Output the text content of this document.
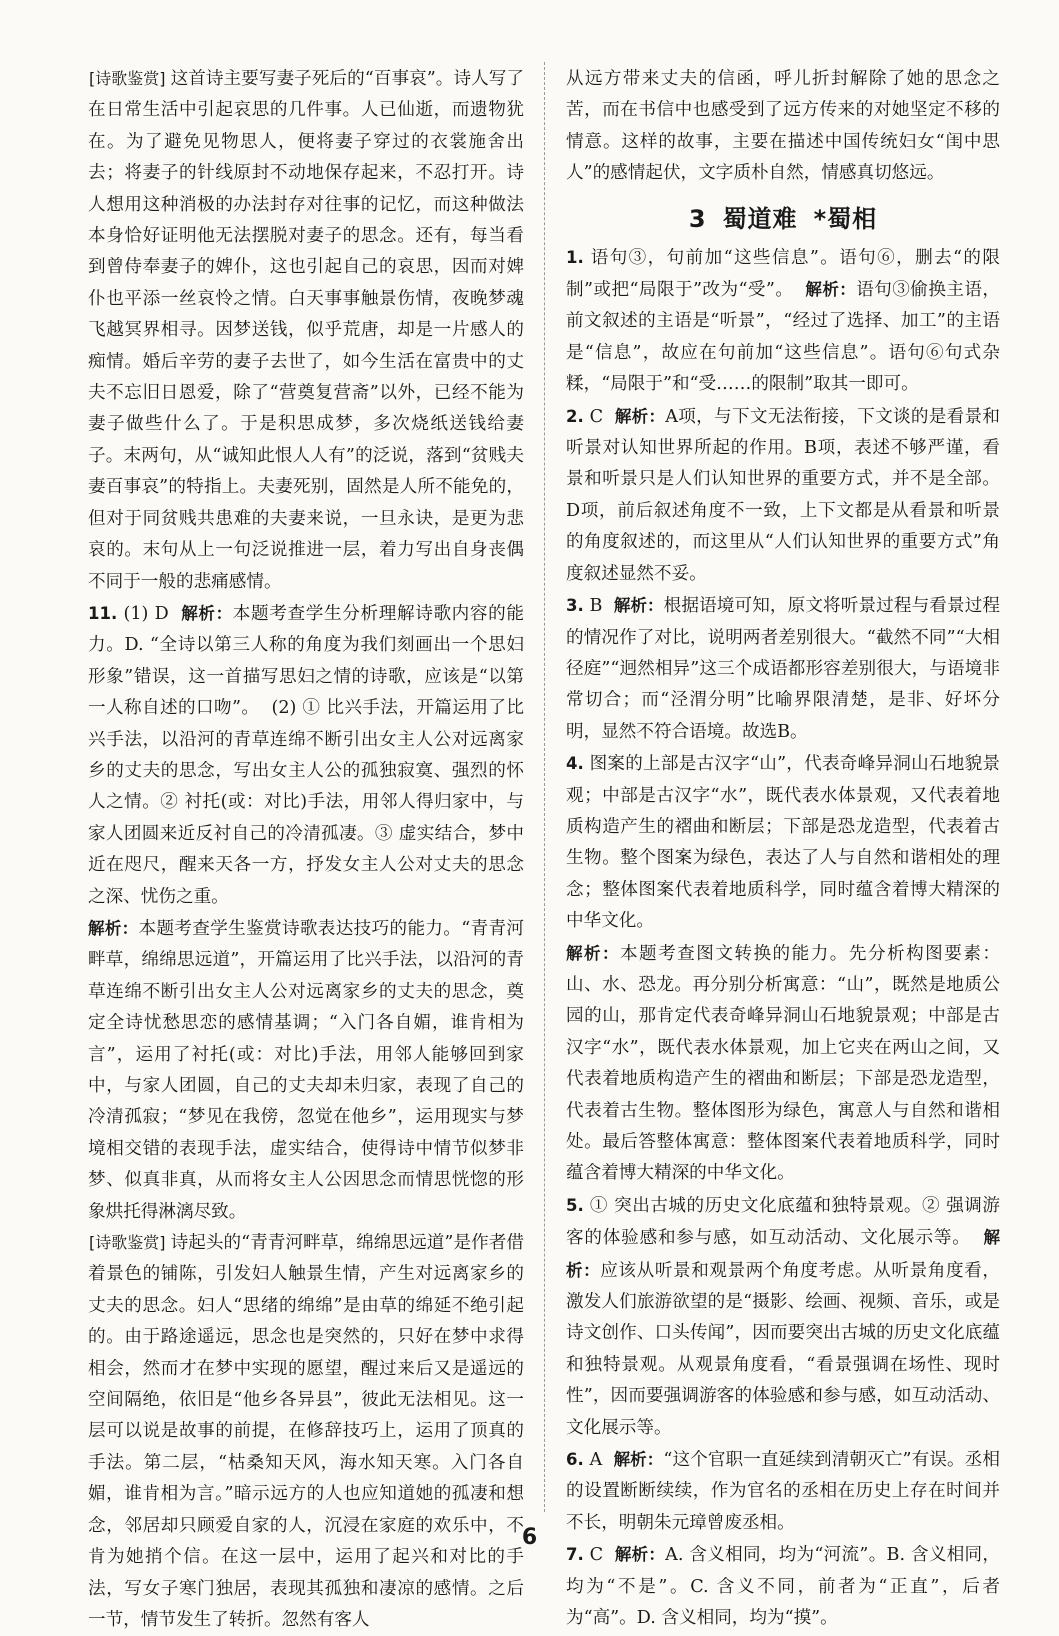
[ 诗歌鉴赏 ] 这首诗主要写妻子死后的“百事哀”。诗人写了在日常生活中引起哀思的几件事。人已仙逝，而遗物犹在。为了避免见物思人，便将妻子穿过的衣裳施舍出去；将妻子的针线原封不动地保存起来，不忍打开。诗人想用这种消极的办法封存对往事的记忆，而这种做法本身恰好证明他无法摆脱对妻子的思念。还有，每当看到曾侍奉妻子的婢仆，这也引起自己的哀思，因而对婢仆也平添一丝哀怜之情。白天事事触景伤情，夜晚梦魂飞越冥界相寻。因梦送钱，似乎荒唐，却是一片感人的痴情。婚后辛劳的妻子去世了，如今生活在富贵中的丈夫不忘旧日恩爱，除了“营奠复营斋”以外，已经不能为妻子做些什么了。于是积思成梦，多次烧纸送钱给妻子。末两句，从“诚知此恨人人有”的泛说，落到“贫贱夫妻百事哀”的特指上。夫妻死别，固然是人所不能免的，但对于同贫贱共患难的夫妻来说，一旦永诀，是更为悲哀的。末句从上一句泛说推进一层，着力写出自身丧偶不同于一般的悲痛感情。

11. (1) D 解析：本题考查学生分析理解诗歌内容的能力。D. “全诗以第三人称的角度为我们刻画出一个思妇形象”错误，这一首描写思妇之情的诗歌，应该是“以第一人称自述的口吻”。 (2) ① 比兴手法，开篇运用了比兴手法，以沿河的青草连绵不断引出女主人公对远离家乡的丈夫的思念，写出女主人公的孤独寂寞、强烈的怀人之情。② 衬托(或：对比)手法，用邻人得归家中，与家人团圆来近反衬自己的冷清孤凄。③ 虚实结合，梦中近在咫尺，醒来天各一方，抒发女主人公对丈夫的思念之深、忧伤之重。

解析：本题考查学生鉴赏诗歌表达技巧的能力。“青青河畔草，绵绵思远道”，开篇运用了比兴手法，以沿河的青草连绵不断引出女主人公对远离家乡的丈夫的思念，奠定全诗忧愁思恋的感情基调；“入门各自媚，谁肯相为言”，运用了衬托(或：对比)手法，用邻人能够回到家中，与家人团圆，自己的丈夫却未归家，表现了自己的冷清孤寂；“梦见在我傍，忽觉在他乡”，运用现实与梦境相交错的表现手法，虚实结合，使得诗中情节似梦非梦、似真非真，从而将女主人公因思念而情思恍惚的形象烘托得淋漓尽致。

[ 诗歌鉴赏 ] 诗起头的“青青河畔草，绵绵思远道”是作者借着景色的铺陈，引发妇人触景生情，产生对远离家乡的丈夫的思念。妇人“思绪的绵绵”是由草的绵延不绝引起的。由于路途遥远，思念也是突然的，只好在梦中求得相会，然而才在梦中实现的愿望，醒过来后又是遥远的空间隔绝，依旧是“他乡各异县”，彼此无法相见。这一层可以说是故事的前提，在修辞技巧上，运用了顶真的手法。第二层，“枯桑知天风，海水知天寒。入门各自媚，谁肯相为言。”暗示远方的人也应知道她的孤凄和想念，邻居却只顾爱自家的人，沉浸在家庭的欢乐中，不肯为她捎个信。在这一层中，运用了起兴和对比的手法，写女子寒门独居，表现其孤独和凄凉的感情。之后一节，情节发生了转折。忽然有客人

从远方带来丈夫的信函，呼儿折封解除了她的思念之苦，而在书信中也感受到了远方传来的对她坚定不移的情意。这样的故事，主要在描述中国传统妇女“闺中思人”的感情起伏，文字质朴自然，情感真切悠远。

3 蜀道难 *蜀相

1. 语句③，句前加“这些信息”。语句⑥，删去“的限制”或把“局限于”改为“受”。 解析：语句③偷换主语，前文叙述的主语是“听景”，“经过了选择、加工”的主语是“信息”，故应在句前加“这些信息”。语句⑥句式杂糅，“局限于”和“受……的限制”取其一即可。

2. C 解析：A项，与下文无法衔接，下文谈的是看景和听景对认知世界所起的作用。B项，表述不够严谨，看景和听景只是人们认知世界的重要方式，并不是全部。D项，前后叙述角度不一致，上下文都是从看景和听景的角度叙述的，而这里从“人们认知世界的重要方式”角度叙述显然不妥。

3. B 解析：根据语境可知，原文将听景过程与看景过程的情况作了对比，说明两者差别很大。“截然不同”“大相径庭”“迥然相异”这三个成语都形容差别很大，与语境非常切合；而“泾渭分明”比喻界限清楚，是非、好坏分明，显然不符合语境。故选B。

4. 图案的上部是古汉字“山”，代表奇峰异洞山石地貌景观；中部是古汉字“水”，既代表水体景观，又代表着地质构造产生的褶曲和断层；下部是恐龙造型，代表着古生物。整个图案为绿色，表达了人与自然和谐相处的理念；整体图案代表着地质科学，同时蕴含着博大精深的中华文化。

解析：本题考查图文转换的能力。先分析构图要素：山、水、恐龙。再分别分析寓意：“山”，既然是地质公园的山，那肯定代表奇峰异洞山石地貌景观；中部是古汉字“水”，既代表水体景观，加上它夹在两山之间，又代表着地质构造产生的褶曲和断层；下部是恐龙造型，代表着古生物。整体图形为绿色，寓意人与自然和谐相处。最后答整体寓意：整体图案代表着地质科学，同时蕴含着博大精深的中华文化。

5. ① 突出古城的历史文化底蕴和独特景观。② 强调游客的体验感和参与感，如互动活动、文化展示等。 解析：应该从听景和观景两个角度考虑。从听景角度看，激发人们旅游欲望的是“摄影、绘画、视频、音乐，或是诗文创作、口头传闻”，因而要突出古城的历史文化底蕴和独特景观。从观景角度看，“看景强调在场性、现时性”，因而要强调游客的体验感和参与感，如互动活动、文化展示等。

6. A 解析：“这个官职一直延续到清朝灭亡”有误。丞相的设置断断续续，作为官名的丞相在历史上存在时间并不长，明朝朱元璋曾废丞相。

7. C 解析：A. 含义相同，均为“河流”。B. 含义相同，均为“不是”。C. 含义不同，前者为“正直”，后者为“高”。D. 含义相同，均为“摸”。

6
